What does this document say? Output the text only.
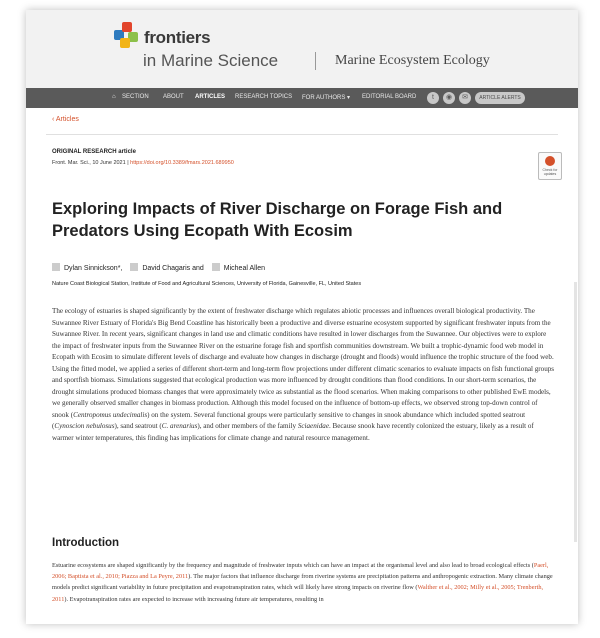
frontiers
in Marine Science	Marine Ecosystem Ecology
⌂ SECTION ABOUT ARTICLES RESEARCH TOPICS FOR AUTHORS ▾ EDITORIAL BOARD	t	◉	✉	ARTICLE ALERTS
‹ Articles
ORIGINAL RESEARCH article
Front. Mar. Sci., 10 June 2021 | https://doi.org/10.3389/fmars.2021.689950
Check for updates
Exploring Impacts of River Discharge on Forage Fish and Predators Using Ecopath With Ecosim
Dylan Sinnickson*,	David Chagaris and	Micheal Allen
Nature Coast Biological Station, Institute of Food and Agricultural Sciences, University of Florida, Gainesville, FL, United States
The ecology of estuaries is shaped significantly by the extent of freshwater discharge which regulates abiotic processes and influences overall biological productivity. The Suwannee River Estuary of Florida's Big Bend Coastline has historically been a productive and diverse estuarine ecosystem supported by significant freshwater inputs from the Suwannee River. In recent years, significant changes in land use and climatic conditions have resulted in lower discharges from the Suwannee. Our objectives were to explore the impact of freshwater inputs from the Suwannee River on the estuarine forage fish and sportfish communities downstream. We built a trophic-dynamic food web model in Ecopath with Ecosim to simulate different levels of discharge and evaluate how changes in discharge (drought and floods) would influence the trophic structure of the food web. Using the fitted model, we applied a series of different short-term and long-term flow projections under different climatic scenarios to evaluate impacts on fish functional groups and sportfish biomass. Simulations suggested that ecological production was more influenced by drought conditions than flood conditions. In our short-term scenarios, the drought simulations produced biomass changes that were approximately twice as substantial as the flood scenarios. When making comparisons to other published EwE models, we generally observed smaller changes in biomass production. Although this model focused on the influence of bottom-up effects, we observed strong top-down control of snook (Centropomus undecimalis) on the system. Several functional groups were particularly sensitive to changes in snook abundance which included spotted seatrout (Cynoscion nebulosus), sand seatrout (C. arenarius), and other members of the family Sciaenidae. Because snook have recently colonized the estuary, likely as a result of warmer winter temperatures, this finding has implications for climate change and natural resource management.
Introduction
Estuarine ecosystems are shaped significantly by the frequency and magnitude of freshwater inputs which can have an impact at the organismal level and also lead to broad ecological effects (Paerl, 2006; Baptista et al., 2010; Piazza and La Peyre, 2011). The major factors that influence discharge from riverine systems are precipitation patterns and anthropogenic extraction. Many climate change models predict significant variability in future precipitation and evapotranspiration rates, which will likely have strong impacts on riverine flow (Walther et al., 2002; Milly et al., 2005; Trenberth, 2011). Evapotranspiration rates are expected to increase with increasing future air temperatures, resulting in
